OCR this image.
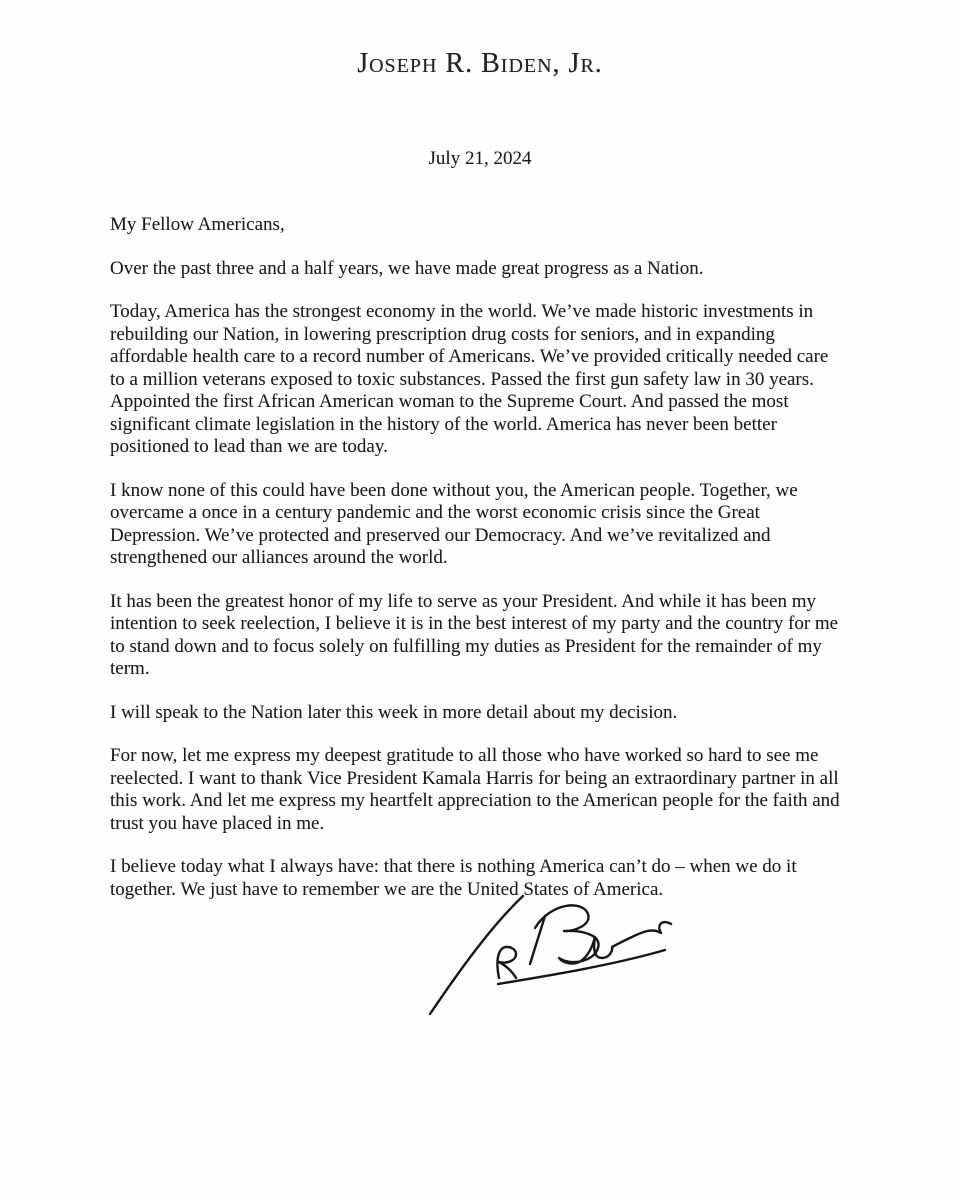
Joseph R. Biden, Jr.
July 21, 2024
My Fellow Americans,
Over the past three and a half years, we have made great progress as a Nation.
Today, America has the strongest economy in the world. We’ve made historic investments in
rebuilding our Nation, in lowering prescription drug costs for seniors, and in expanding
affordable health care to a record number of Americans. We’ve provided critically needed care
to a million veterans exposed to toxic substances. Passed the first gun safety law in 30 years.
Appointed the first African American woman to the Supreme Court. And passed the most
significant climate legislation in the history of the world. America has never been better
positioned to lead than we are today.
I know none of this could have been done without you, the American people. Together, we
overcame a once in a century pandemic and the worst economic crisis since the Great
Depression. We’ve protected and preserved our Democracy. And we’ve revitalized and
strengthened our alliances around the world.
It has been the greatest honor of my life to serve as your President. And while it has been my
intention to seek reelection, I believe it is in the best interest of my party and the country for me
to stand down and to focus solely on fulfilling my duties as President for the remainder of my
term.
I will speak to the Nation later this week in more detail about my decision.
For now, let me express my deepest gratitude to all those who have worked so hard to see me
reelected. I want to thank Vice President Kamala Harris for being an extraordinary partner in all
this work. And let me express my heartfelt appreciation to the American people for the faith and
trust you have placed in me.
I believe today what I always have: that there is nothing America can’t do – when we do it
together. We just have to remember we are the United States of America.
